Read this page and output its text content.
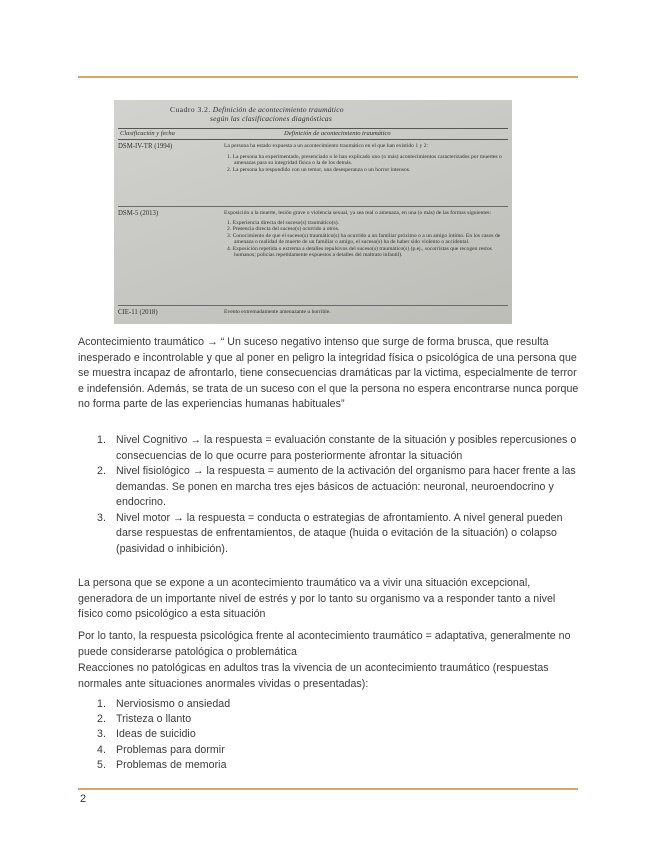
Cuadro 3.2. Definición de acontecimiento traumático
según las clasificaciones diagnósticas
Clasificación y fecha	Definición de acontecimiento traumático
DSM-IV-TR (1994)	La persona ha estado expuesta a un acontecimiento traumático en el que han existido 1 y 2:
1. La persona ha experimentado, presenciado o le han explicado uno (o más) acontecimientos caracterizados por muertes o amenazas para su integridad física o la de los demás.
2. La persona ha respondido con un temor, una desesperanza o un horror intensos.
DSM-5 (2013)	Exposición a la muerte, lesión grave o violencia sexual, ya sea real o amenaza, en una (o más) de las formas siguientes:
1. Experiencia directa del suceso(s) traumático(s).
2. Presencia directa del suceso(s) ocurrido a otros.
3. Conocimiento de que el suceso(s) traumático(s) ha ocurrido a un familiar próximo o a un amigo íntimo. En los casos de amenaza o realidad de muerte de un familiar o amigo, el suceso(s) ha de haber sido violento o accidental.
4. Exposición repetida o extrema a detalles repulsivos del suceso(s) traumático(s) (p.ej., socorristas que recogen restos humanos; policías repetidamente expuestos a detalles del maltrato infantil).
CIE-11 (2018)	Evento extremadamente amenazante u horrible.
Acontecimiento traumático → “ Un suceso negativo intenso que surge de forma brusca, que resulta inesperado e incontrolable y que al poner en peligro la integridad física o psicológica de una persona que se muestra incapaz de afrontarlo, tiene consecuencias dramáticas par la victima, especialmente de terror e indefensión. Además, se trata de un suceso con el que la persona no espera encontrarse nunca porque no forma parte de las experiencias humanas habituales”
1. Nivel Cognitivo → la respuesta = evaluación constante de la situación y posibles repercusiones o consecuencias de lo que ocurre para posteriormente afrontar la situación
2. Nivel fisiológico → la respuesta = aumento de la activación del organismo para hacer frente a las demandas. Se ponen en marcha tres ejes básicos de actuación: neuronal, neuroendocrino y endocrino.
3. Nivel motor → la respuesta = conducta o estrategias de afrontamiento. A nivel general pueden darse respuestas de enfrentamientos, de ataque (huida o evitación de la situación) o colapso (pasividad o inhibición).
La persona que se expone a un acontecimiento traumático va a vivir una situación excepcional, generadora de un importante nivel de estrés y por lo tanto su organismo va a responder tanto a nivel físico como psicológico a esta situación
Por lo tanto, la respuesta psicológica frente al acontecimiento traumático = adaptativa, generalmente no puede considerarse patológica o problemática
Reacciones no patológicas en adultos tras la vivencia de un acontecimiento traumático (respuestas normales ante situaciones anormales vividas o presentadas):
1. Nerviosismo o ansiedad
2. Tristeza o llanto
3. Ideas de suicidio
4. Problemas para dormir
5. Problemas de memoria
2
